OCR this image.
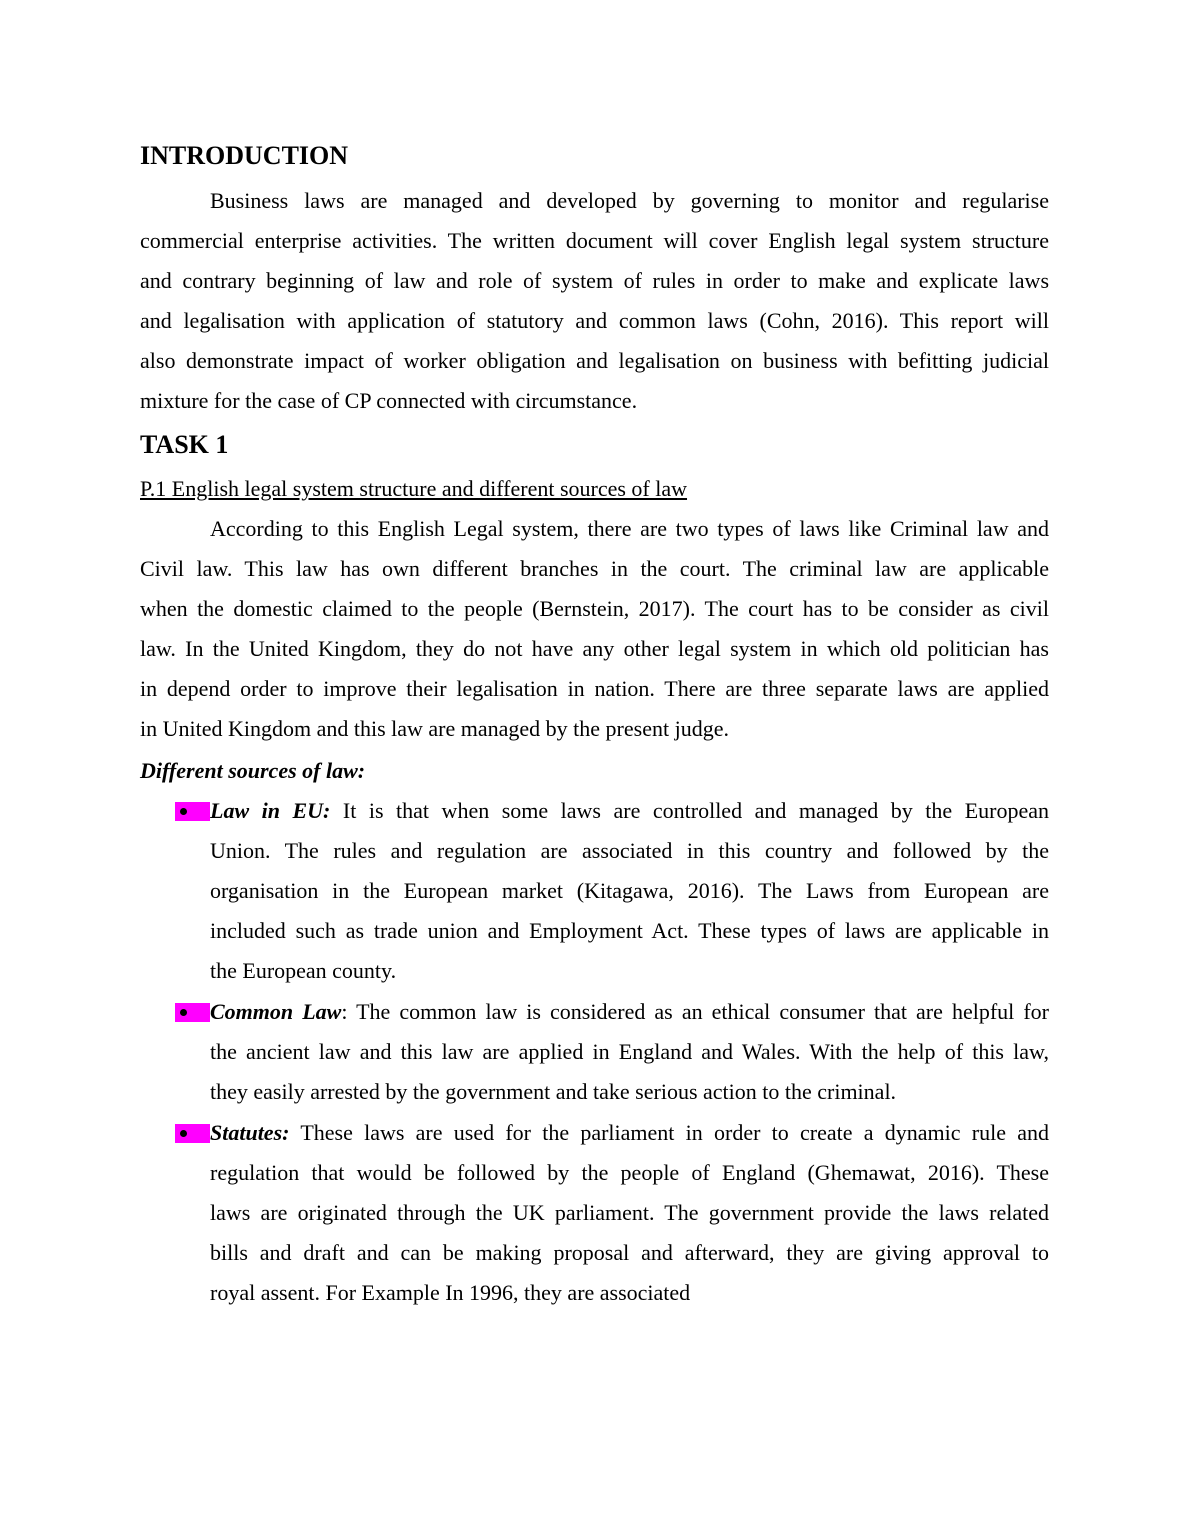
INTRODUCTION
Business laws are managed and developed by governing to monitor and regularise
commercial enterprise activities. The written document will cover English legal system structure
and contrary beginning of law and role of system of rules in order to make and explicate laws
and legalisation with application of statutory and common laws (Cohn, 2016). This report will
also demonstrate impact of worker obligation and legalisation on business with befitting judicial
mixture for the case of CP connected with circumstance.
TASK 1
P.1 English legal system structure and different sources of law
According to this English Legal system, there are two types of laws like Criminal law and
Civil law. This law has own different branches in the court. The criminal law are applicable
when the domestic claimed to the people (Bernstein, 2017). The court has to be consider as civil
law. In the United Kingdom, they do not have any other legal system in which old politician has
in depend order to improve their legalisation in nation. There are three separate laws are applied
in United Kingdom and this law are managed by the present judge.
Different sources of law:
Law in EU: It is that when some laws are controlled and managed by the European
Union. The rules and regulation are associated in this country and followed by the
organisation in the European market (Kitagawa, 2016). The Laws from European are
included such as trade union and Employment Act. These types of laws are applicable in
the European county.
Common Law: The common law is considered as an ethical consumer that are helpful for
the ancient law and this law are applied in England and Wales. With the help of this law,
they easily arrested by the government and take serious action to the criminal.
Statutes: These laws are used for the parliament in order to create a dynamic rule and
regulation that would be followed by the people of England (Ghemawat, 2016). These
laws are originated through the UK parliament. The government provide the laws related
bills and draft and can be making proposal and afterward, they are giving approval to
royal assent. For Example In 1996, they are associated
